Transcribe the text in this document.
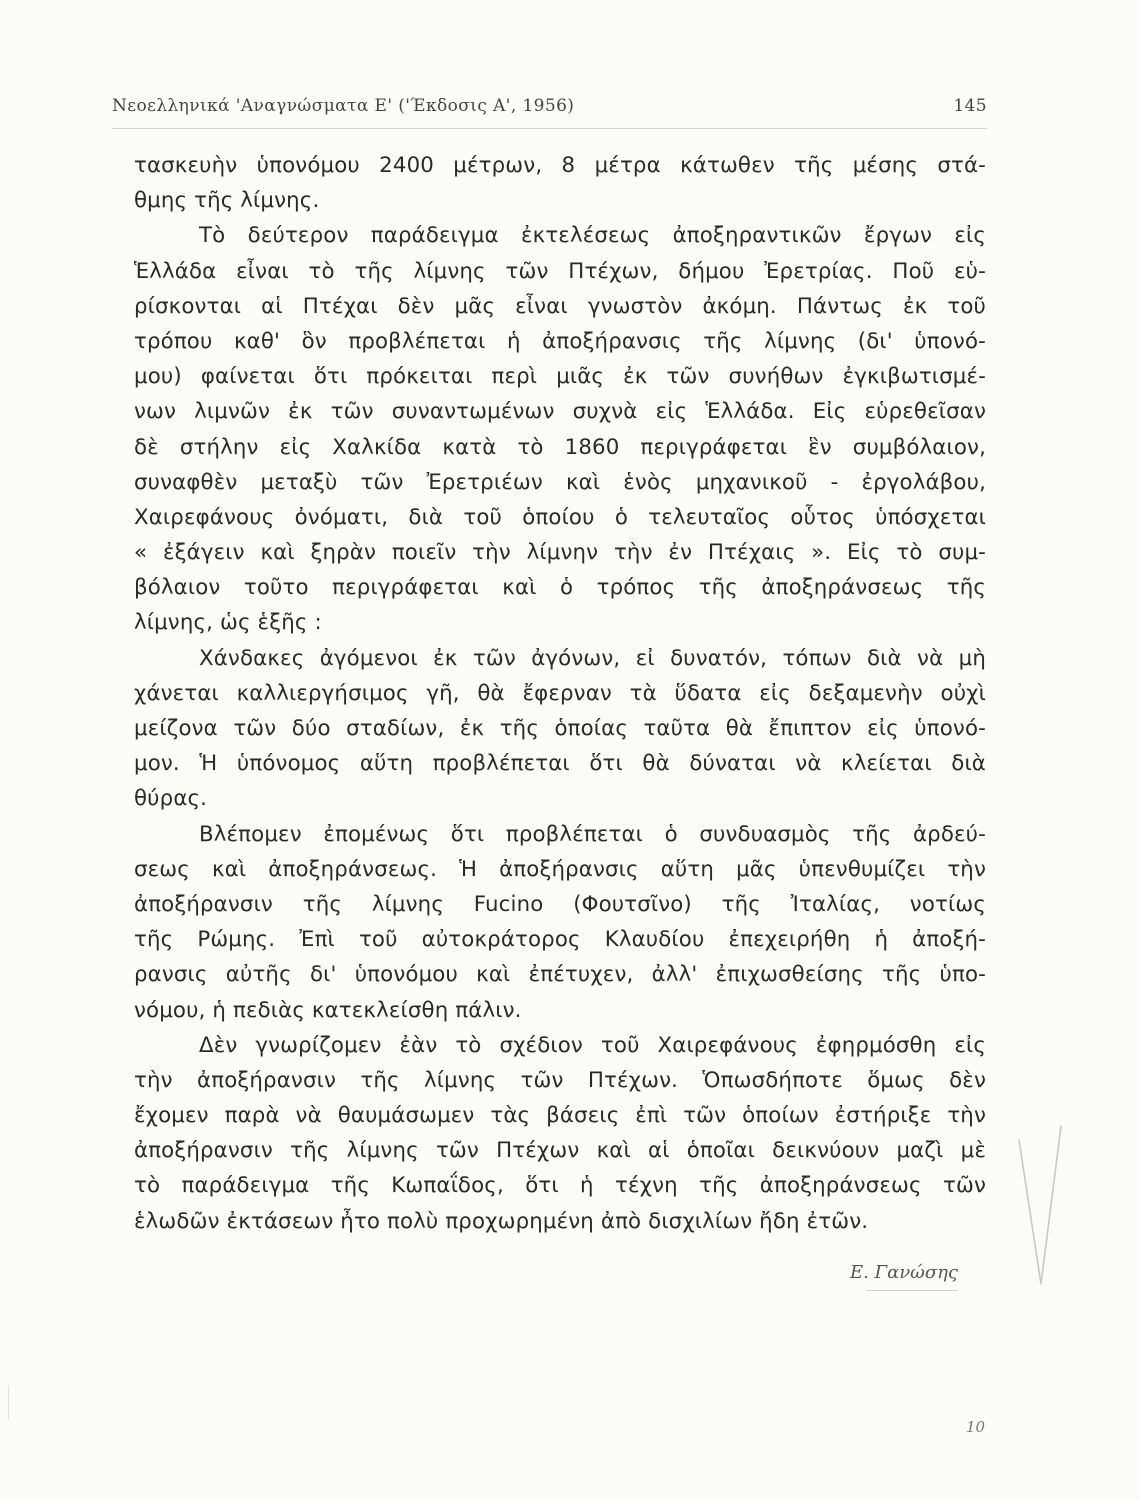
Νεοελληνικά 'Αναγνώσματα Ε' ('Έκδοσις Α', 1956)	145
τασκευὴν ὑπονόμου 2400 μέτρων, 8 μέτρα κάτωθεν τῆς μέσης στά-
θμης τῆς λίμνης.
Τὸ δεύτερον παράδειγμα ἐκτελέσεως ἀποξηραντικῶν ἔργων εἰς
Ἑλλάδα εἶναι τὸ τῆς λίμνης τῶν Πτέχων, δήμου Ἐρετρίας. Ποῦ εὑ-
ρίσκονται αἱ Πτέχαι δὲν μᾶς εἶναι γνωστὸν ἀκόμη. Πάντως ἐκ τοῦ
τρόπου καθ' ὃν προβλέπεται ἡ ἀποξήρανσις τῆς λίμνης (δι' ὑπονό-
μου) φαίνεται ὅτι πρόκειται περὶ μιᾶς ἐκ τῶν συνήθων ἐγκιβωτισμέ-
νων λιμνῶν ἐκ τῶν συναντωμένων συχνὰ εἰς Ἑλλάδα. Εἰς εὑρεθεῖσαν
δὲ στήλην εἰς Χαλκίδα κατὰ τὸ 1860 περιγράφεται ἓν συμβόλαιον,
συναφθὲν μεταξὺ τῶν Ἐρετριέων καὶ ἑνὸς μηχανικοῦ - ἐργολάβου,
Χαιρεφάνους ὀνόματι, διὰ τοῦ ὁποίου ὁ τελευταῖος οὗτος ὑπόσχεται
« ἐξάγειν καὶ ξηρὰν ποιεῖν τὴν λίμνην τὴν ἐν Πτέχαις ». Εἰς τὸ συμ-
βόλαιον τοῦτο περιγράφεται καὶ ὁ τρόπος τῆς ἀποξηράνσεως τῆς
λίμνης, ὡς ἑξῆς :
Χάνδακες ἀγόμενοι ἐκ τῶν ἀγόνων, εἰ δυνατόν, τόπων διὰ νὰ μὴ
χάνεται καλλιεργήσιμος γῆ, θὰ ἔφερναν τὰ ὕδατα εἰς δεξαμενὴν οὐχὶ
μείζονα τῶν δύο σταδίων, ἐκ τῆς ὁποίας ταῦτα θὰ ἔπιπτον εἰς ὑπονό-
μον. Ἡ ὑπόνομος αὕτη προβλέπεται ὅτι θὰ δύναται νὰ κλείεται διὰ
θύρας.
Βλέπομεν ἐπομένως ὅτι προβλέπεται ὁ συνδυασμὸς τῆς ἀρδεύ-
σεως καὶ ἀποξηράνσεως. Ἡ ἀποξήρανσις αὕτη μᾶς ὑπενθυμίζει τὴν
ἀποξήρανσιν τῆς λίμνης Fucino (Φουτσῖνο) τῆς Ἰταλίας, νοτίως
τῆς Ρώμης. Ἐπὶ τοῦ αὐτοκράτορος Κλαυδίου ἐπεχειρήθη ἡ ἀποξή-
ρανσις αὐτῆς δι' ὑπονόμου καὶ ἐπέτυχεν, ἀλλ' ἐπιχωσθείσης τῆς ὑπο-
νόμου, ἡ πεδιὰς κατεκλείσθη πάλιν.
Δὲν γνωρίζομεν ἐὰν τὸ σχέδιον τοῦ Χαιρεφάνους ἐφηρμόσθη εἰς
τὴν ἀποξήρανσιν τῆς λίμνης τῶν Πτέχων. Ὁπωσδήποτε ὅμως δὲν
ἔχομεν παρὰ νὰ θαυμάσωμεν τὰς βάσεις ἐπὶ τῶν ὁποίων ἐστήριξε τὴν
ἀποξήρανσιν τῆς λίμνης τῶν Πτέχων καὶ αἱ ὁποῖαι δεικνύουν μαζὶ μὲ
τὸ παράδειγμα τῆς Κωπαΐδος, ὅτι ἡ τέχνη τῆς ἀποξηράνσεως τῶν
ἑλωδῶν ἐκτάσεων ἦτο πολὺ προχωρημένη ἀπὸ δισχιλίων ἤδη ἐτῶν.
Ε. Γανώσης
10
